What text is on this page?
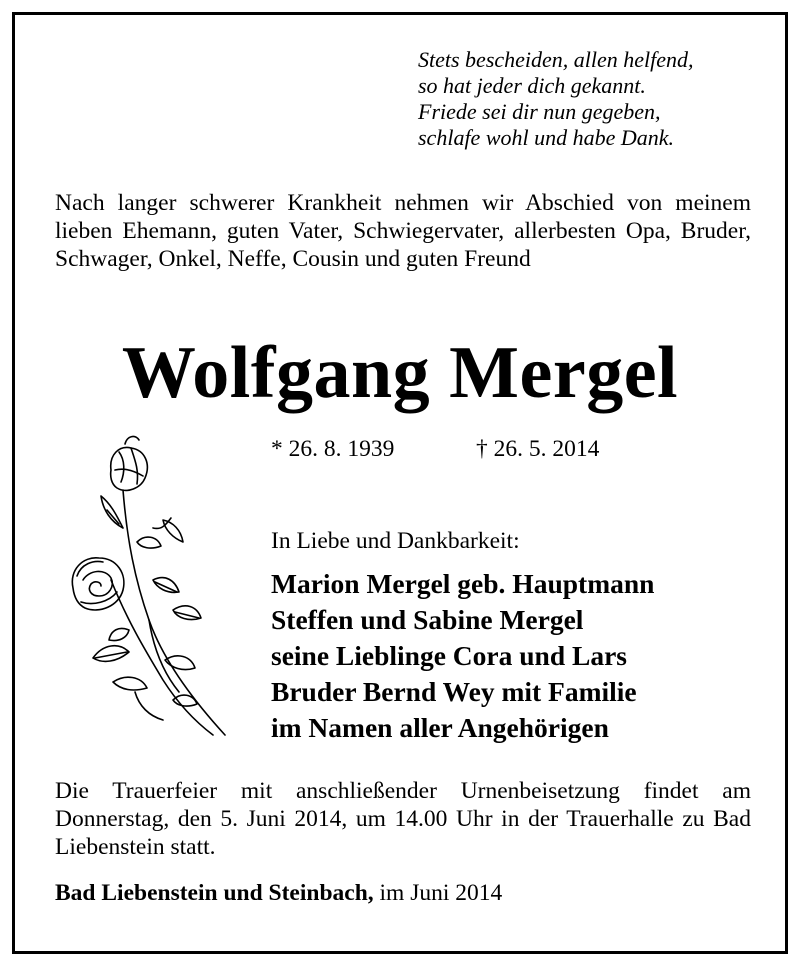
Stets bescheiden, allen helfend,
so hat jeder dich gekannt.
Friede sei dir nun gegeben,
schlafe wohl und habe Dank.
Nach langer schwerer Krankheit nehmen wir Abschied von meinem lieben Ehemann, guten Vater, Schwiegervater, allerbesten Opa, Bruder, Schwager, Onkel, Neffe, Cousin und guten Freund
Wolfgang Mergel
* 26. 8. 1939	† 26. 5. 2014
In Liebe und Dankbarkeit:
Marion Mergel geb. Hauptmann
Steffen und Sabine Mergel
seine Lieblinge Cora und Lars
Bruder Bernd Wey mit Familie
im Namen aller Angehörigen
Die Trauerfeier mit anschließender Urnenbeisetzung findet am Donnerstag, den 5. Juni 2014, um 14.00 Uhr in der Trauerhalle zu Bad Liebenstein statt.
Bad Liebenstein und Steinbach, im Juni 2014
